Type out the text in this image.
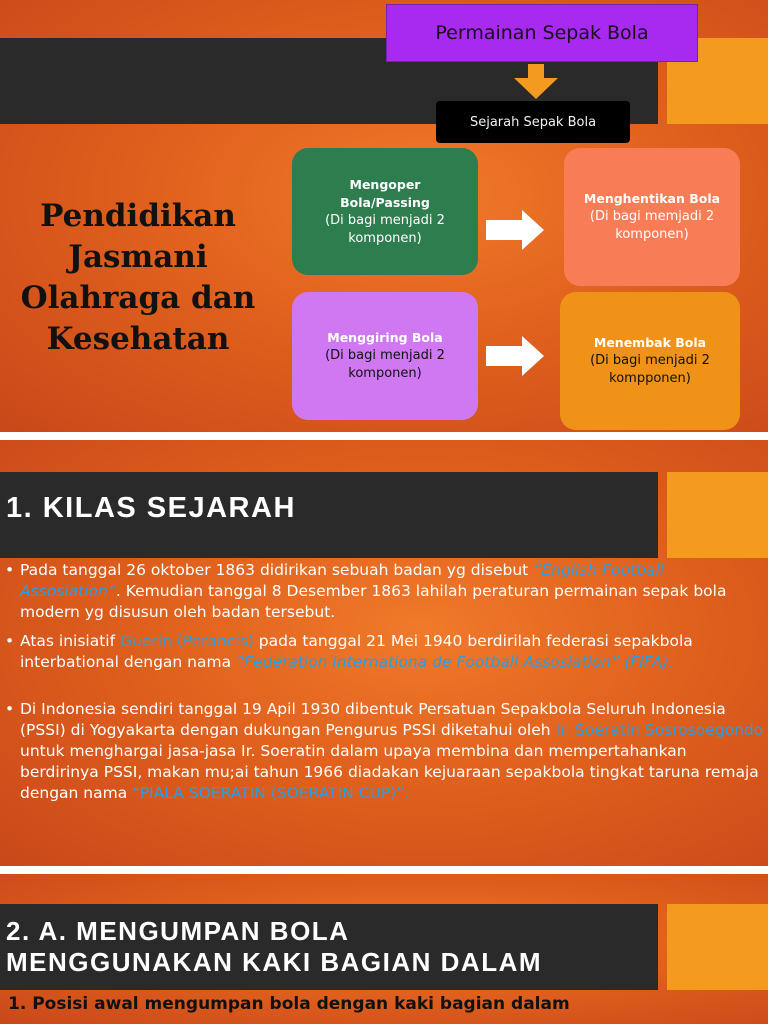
Permainan Sepak Bola
Sejarah Sepak Bola
Pendidikan
Jasmani
Olahraga dan
Kesehatan
Mengoper Bola/Passing
(Di bagi menjadi 2 komponen)
Menghentikan Bola
(Di bagi memjadi 2 komponen)
Menggiring Bola
(Di bagi menjadi 2 komponen)
Menembak Bola
(Di bagi menjadi 2 kompponen)
1. KILAS SEJARAH
• Pada tanggal 26 oktober 1863 didirikan sebuah badan yg disebut “English Football Assosiation”. Kemudian tanggal 8 Desember 1863 lahilah peraturan permainan sepak bola modern yg disusun oleh badan tersebut.
• Atas inisiatif Guerin (Perancis) pada tanggal 21 Mei 1940 berdirilah federasi sepakbola interbational dengan nama “Federation Internationa de Football Assosiation” (FIFA).
• Di Indonesia sendiri tanggal 19 Apil 1930 dibentuk Persatuan Sepakbola Seluruh Indonesia (PSSI) di Yogyakarta dengan dukungan Pengurus PSSI diketahui oleh Ir. Soeratin Sosrosoegondo untuk menghargai jasa-jasa Ir. Soeratin dalam upaya membina dan mempertahankan berdirinya PSSI, makan mu;ai tahun 1966 diadakan kejuaraan sepakbola tingkat taruna remaja dengan nama “PIALA SOERATIN (SOERATIN CUP)”.
2. A. MENGUMPAN BOLA
MENGGUNAKAN KAKI BAGIAN DALAM
1. Posisi awal mengumpan bola dengan kaki bagian dalam
